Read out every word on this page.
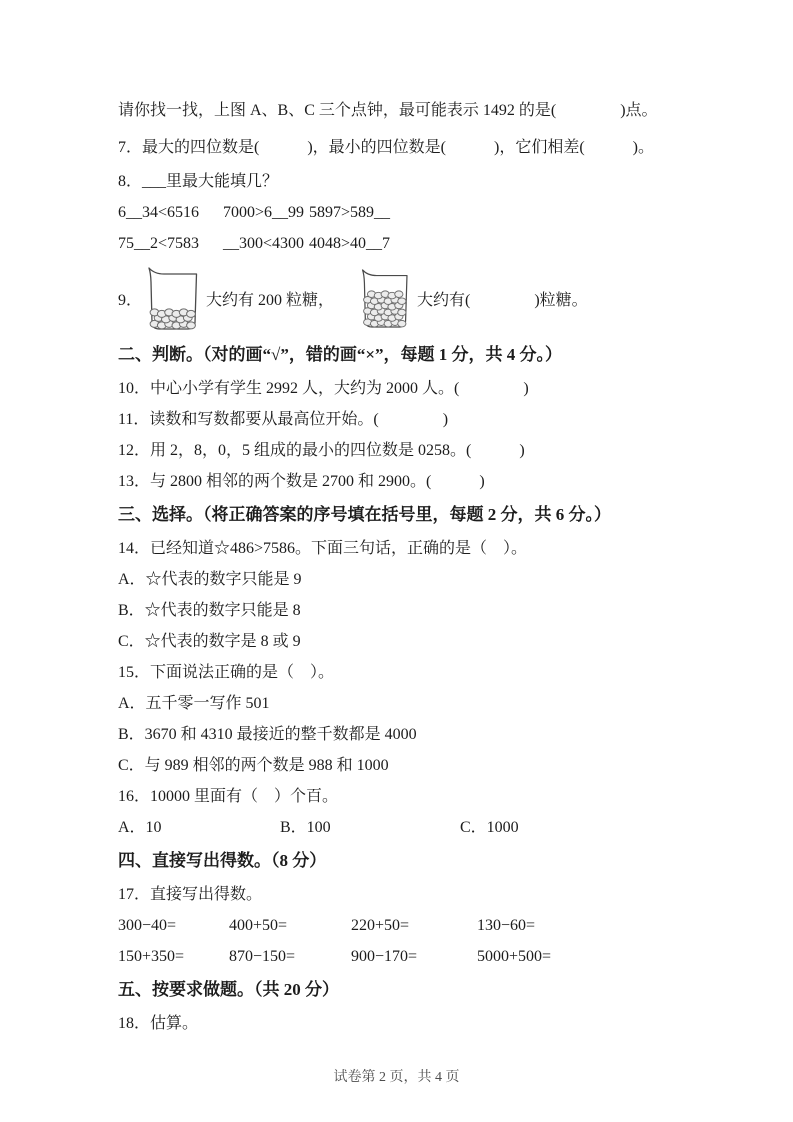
请你找一找，上图 A、B、C 三个点钟，最可能表示 1492 的是(　　　　)点。
7．最大的四位数是(　　　)，最小的四位数是(　　　)，它们相差(　　　)。
8．___里最大能填几？
6__34<6516	7000>6__99 5897>589__
75__2<7583	__300<4300 4048>40__7
9．	大约有 200 粒糖，	大约有(　　　　)粒糖。
二、判断。（对的画“√”，错的画“×”，每题 1 分，共 4 分。）
10．中心小学有学生 2992 人，大约为 2000 人。(　　　　)
11．读数和写数都要从最高位开始。(　　　　)
12．用 2，8，0，5 组成的最小的四位数是 0258。(　　　)
13．与 2800 相邻的两个数是 2700 和 2900。(　　　)
三、选择。（将正确答案的序号填在括号里，每题 2 分，共 6 分。）
14．已经知道☆486>7586。下面三句话，正确的是（　）。
A．☆代表的数字只能是 9
B．☆代表的数字只能是 8
C．☆代表的数字是 8 或 9
15．下面说法正确的是（　）。
A．五千零一写作 501
B．3670 和 4310 最接近的整千数都是 4000
C．与 989 相邻的两个数是 988 和 1000
16．10000 里面有（　）个百。
A．10	B．100	C．1000
四、直接写出得数。（8 分）
17．直接写出得数。
300−40=	400+50=	220+50=	130−60=
150+350=	870−150=	900−170=	5000+500=
五、按要求做题。（共 20 分）
18．估算。
试卷第 2 页，共 4 页
